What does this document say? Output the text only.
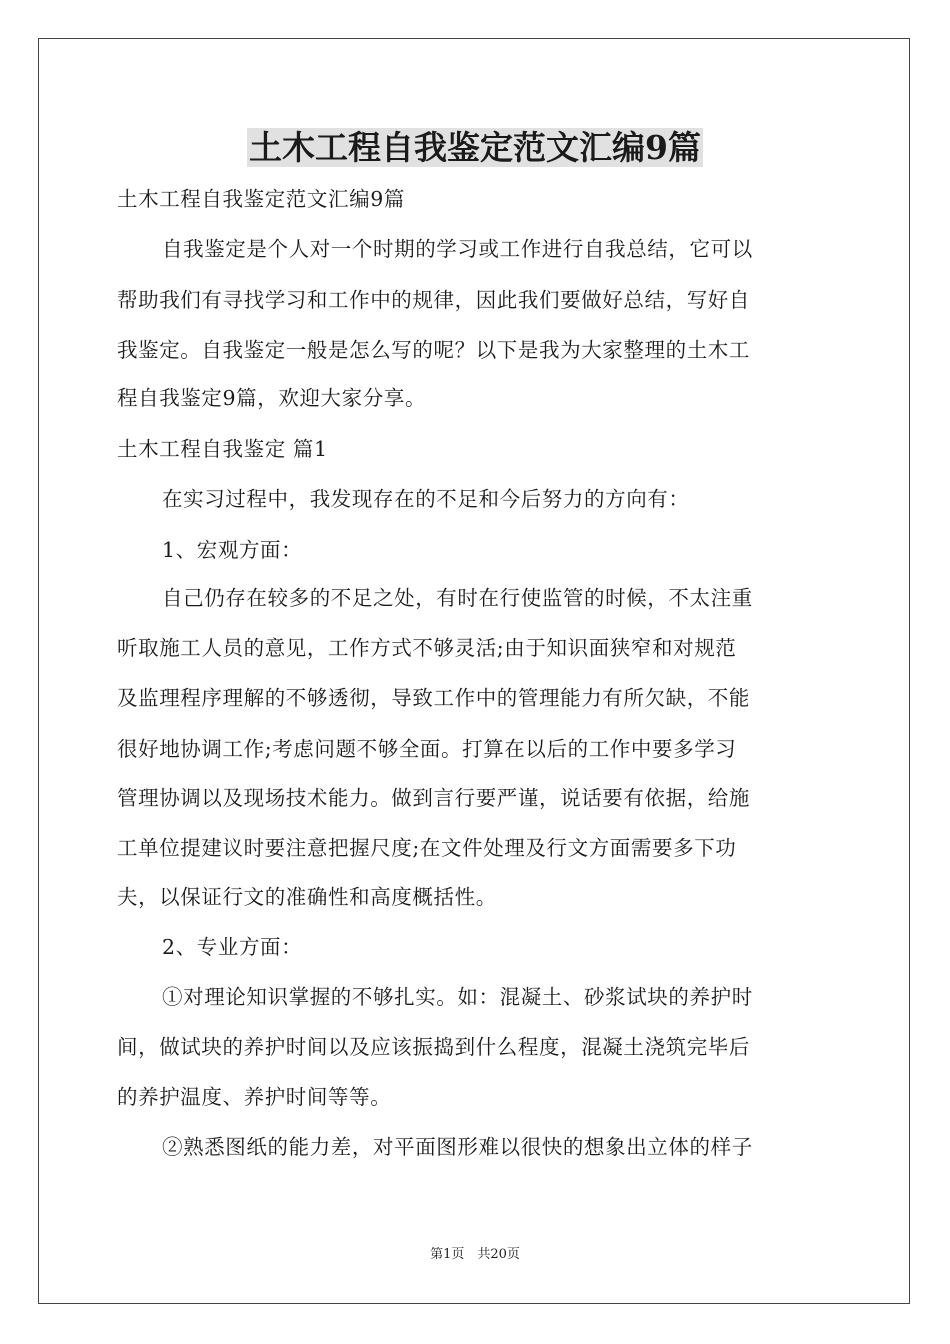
土木工程自我鉴定范文汇编9篇

土木工程自我鉴定范文汇编9篇

自我鉴定是个人对一个时期的学习或工作进行自我总结，它可以

帮助我们有寻找学习和工作中的规律，因此我们要做好总结，写好自

我鉴定。自我鉴定一般是怎么写的呢？以下是我为大家整理的土木工

程自我鉴定9篇，欢迎大家分享。

土木工程自我鉴定 篇1

在实习过程中，我发现存在的不足和今后努力的方向有：

1、宏观方面：

自己仍存在较多的不足之处，有时在行使监管的时候，不太注重

听取施工人员的意见，工作方式不够灵活;由于知识面狭窄和对规范

及监理程序理解的不够透彻，导致工作中的管理能力有所欠缺，不能

很好地协调工作;考虑问题不够全面。打算在以后的工作中要多学习

管理协调以及现场技术能力。做到言行要严谨，说话要有依据，给施

工单位提建议时要注意把握尺度;在文件处理及行文方面需要多下功

夫，以保证行文的准确性和高度概括性。

2、专业方面：

①对理论知识掌握的不够扎实。如：混凝土、砂浆试块的养护时

间，做试块的养护时间以及应该振捣到什么程度，混凝土浇筑完毕后

的养护温度、养护时间等等。

②熟悉图纸的能力差，对平面图形难以很快的想象出立体的样子

第1页　共20页
